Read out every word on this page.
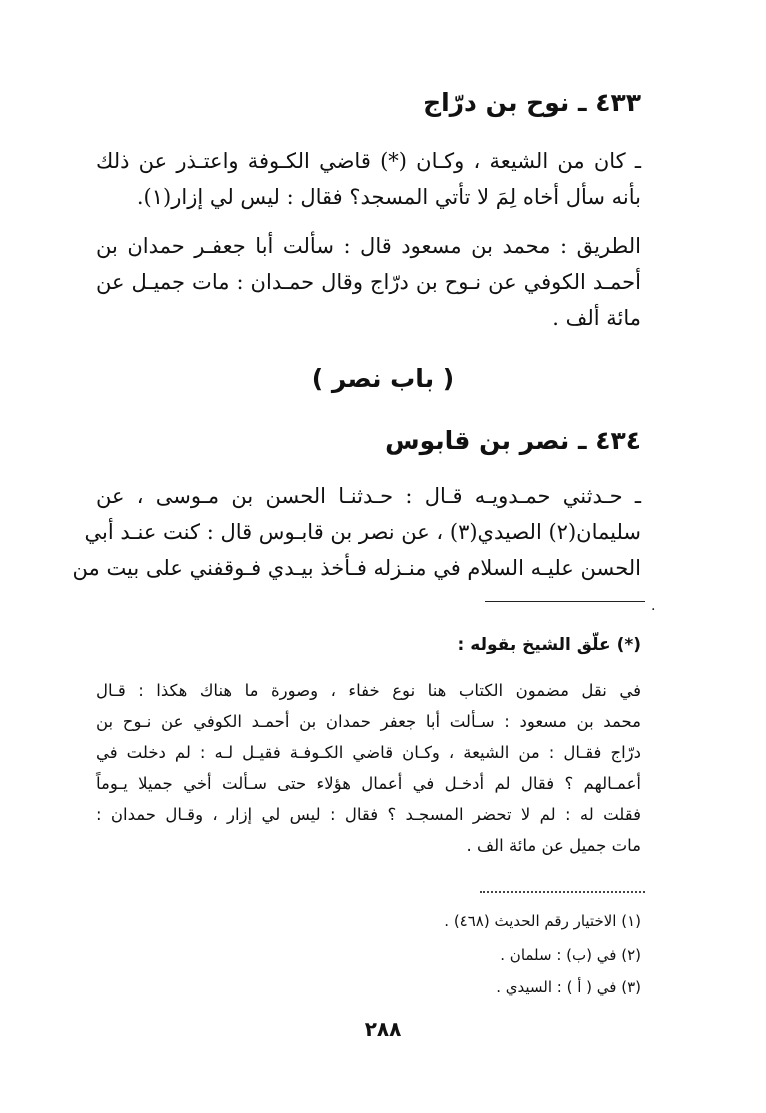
٤٣٣ ـ نوح بن درّاج
ـ كان من الشيعة ، وكـان (*) قاضي الكـوفة واعتـذر عن ذلك
بأنه سأل أخاه لِمَ لا تأتي المسجد؟ فقال : ليس لي إزار(١).
الطريق : محمد بن مسعود قال : سألت أبا جعفـر حمدان بن
أحمـد الكوفي عن نـوح بن درّاج وقال حمـدان : مات جميـل عن
مائة ألف .
( باب نصر )
٤٣٤ ـ نصر بن قابوس
ـ حـدثني حمـدويـه قـال : حـدثنـا الحسن بن مـوسى ، عن
سليمان(٢) الصيدي(٣) ، عن نصر بن قابـوس قال : كنت عنـد أبي
الحسن عليـه السلام في منـزله فـأخذ بيـدي فـوقفني على بيت من
.
(*) علّق الشيخ بقوله :
في نقل مضمون الكتاب هنا نوع خفاء ، وصورة ما هناك هكذا : قـال
محمد بن مسعود : سـألت أبا جعفر حمدان بن أحمـد الكوفي عن نـوح بن
درّاج فقـال : من الشيعة ، وكـان قاضي الكـوفـة فقيـل لـه : لم دخلت في
أعمـالهم ؟ فقال لم أدخـل في أعمال هؤلاء حتى سـألت أخي جميلا يـوماً
فقلت له : لم لا تحضر المسجـد ؟ فقال : ليس لي إزار ، وقـال حمدان :
مات جميل عن مائة الف .
(١) الاختيار رقم الحديث (٤٦٨) .
(٢) في (ب) : سلمان .
(٣) في ( أ ) : السيدي .
٢٨٨
